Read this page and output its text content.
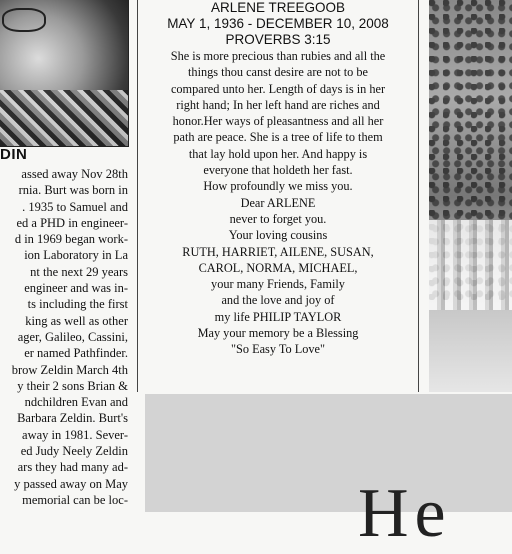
DIN
assed away Nov 28th
rnia. Burt was born in
. 1935 to Samuel and
ed a PHD in engineer-
d in 1969 began work-
ion Laboratory in La
nt the next 29 years
engineer and was in-
ts including the first
king as well as other
ager, Galileo, Cassini,
er named Pathfinder.
brow Zeldin March 4th
y their 2 sons Brian &
ndchildren Evan and
Barbara Zeldin. Burt's
away in 1981. Sever-
ed Judy Neely Zeldin
ars they had many ad-
y passed away on May
memorial can be loc-
ARLENE TREEGOOB
MAY 1, 1936 - DECEMBER 10, 2008
PROVERBS 3:15
She is more precious than rubies and all the
things thou canst desire are not to be
compared unto her. Length of days is in her
right hand; In her left hand are riches and
honor.Her ways of pleasantness and all her
path are peace. She is a tree of life to them
that lay hold upon her. And happy is
everyone that holdeth her fast.
How profoundly we miss you.
Dear ARLENE
never to forget you.
Your loving cousins
RUTH, HARRIET, AILENE, SUSAN,
CAROL, NORMA, MICHAEL,
your many Friends, Family
and the love and joy of
my life PHILIP TAYLOR
May your memory be a Blessing
"So Easy To Love"
He
